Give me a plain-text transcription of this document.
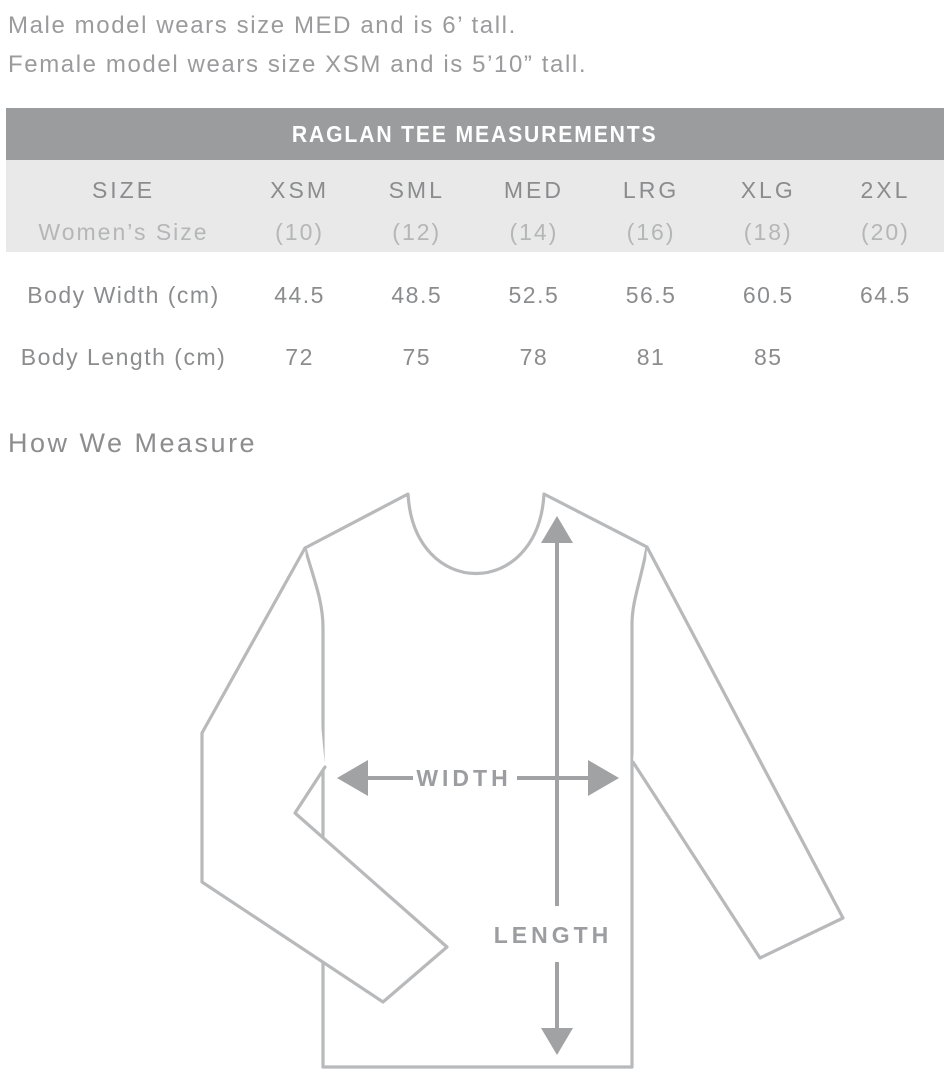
Male model wears size MED and is 6’ tall.

Female model wears size XSM and is 5’10” tall.

RAGLAN TEE MEASUREMENTS
SIZE	XSM	SML	MED	LRG	XLG	2XL
Women’s Size	(10)	(12)	(14)	(16)	(18)	(20)
Body Width (cm)	44.5	48.5	52.5	56.5	60.5	64.5
Body Length (cm)	72	75	78	81	85
How We Measure
WIDTH
LENGTH
